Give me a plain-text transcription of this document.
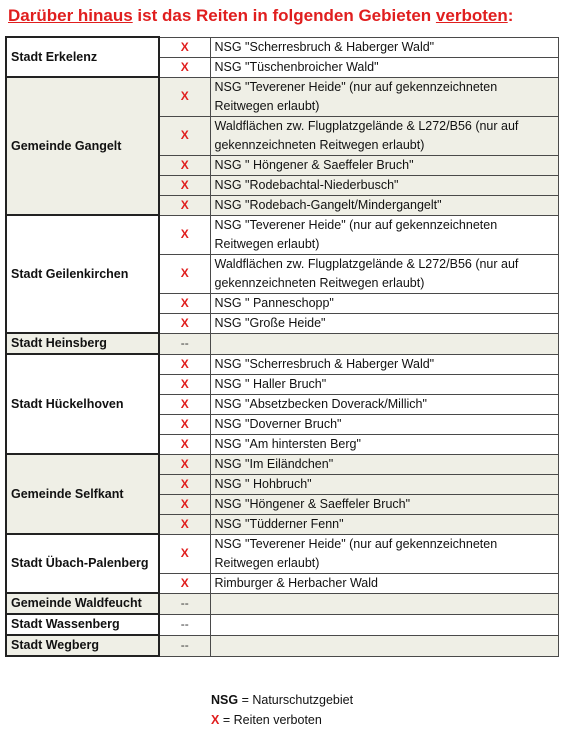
Darüber hinaus ist das Reiten in folgenden Gebieten verboten:
Stadt Erkelenz	X	NSG "Scherresbruch & Haberger Wald"
	X	NSG "Tüschenbroicher Wald"
Gemeinde Gangelt	X	NSG "Teverener Heide" (nur auf gekennzeichneten Reitwegen erlaubt)
	X	Waldflächen zw. Flugplatzgelände & L272/B56 (nur auf gekennzeichneten Reitwegen erlaubt)
	X	NSG " Höngener & Saeffeler Bruch"
	X	NSG "Rodebachtal-Niederbusch"
	X	NSG "Rodebach-Gangelt/Mindergangelt"
Stadt Geilenkirchen	X	NSG "Teverener Heide" (nur auf gekennzeichneten Reitwegen erlaubt)
	X	Waldflächen zw. Flugplatzgelände & L272/B56 (nur auf gekennzeichneten Reitwegen erlaubt)
	X	NSG " Panneschopp"
	X	NSG "Große Heide"
Stadt Heinsberg	--	
Stadt Hückelhoven	X	NSG "Scherresbruch & Haberger Wald"
	X	NSG " Haller Bruch"
	X	NSG "Absetzbecken Doverack/Millich"
	X	NSG "Doverner Bruch"
	X	NSG "Am hintersten Berg"
Gemeinde Selfkant	X	NSG "Im Eiländchen"
	X	NSG " Hohbruch"
	X	NSG "Höngener & Saeffeler Bruch"
	X	NSG "Tüdderner Fenn"
Stadt Übach-Palenberg	X	NSG "Teverener Heide" (nur auf gekennzeichneten Reitwegen erlaubt)
	X	Rimburger & Herbacher Wald
Gemeinde Waldfeucht	--	
Stadt Wassenberg	--	
Stadt Wegberg	--	
NSG = Naturschutzgebiet
X = Reiten verboten
